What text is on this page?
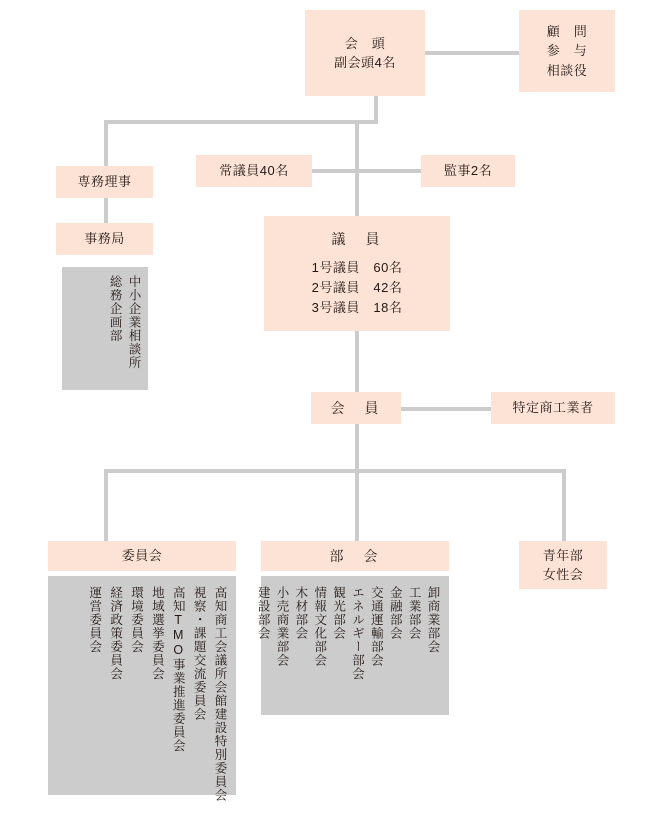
会　頭
副会頭4名
顧　問
参　与
相談役
常議員40名	監事2名
専務理事
事務局
中小企業相談所
総務企画部
議　員
1号議員　60名
2号議員　42名
3号議員　18名
会　員	特定商工業者
委員会	部　会	青年部
女性会
高知商工会議所会館建設特別委員会
視察・課題交流委員会
高知TMO事業推進委員会
地域選挙委員会
環境委員会
経済政策委員会
運営委員会	卸商業部会
工業部会
金融部会
交通運輸部会
エネルギー部会
観光部会
情報文化部会
木材部会
小売商業部会
建設部会
